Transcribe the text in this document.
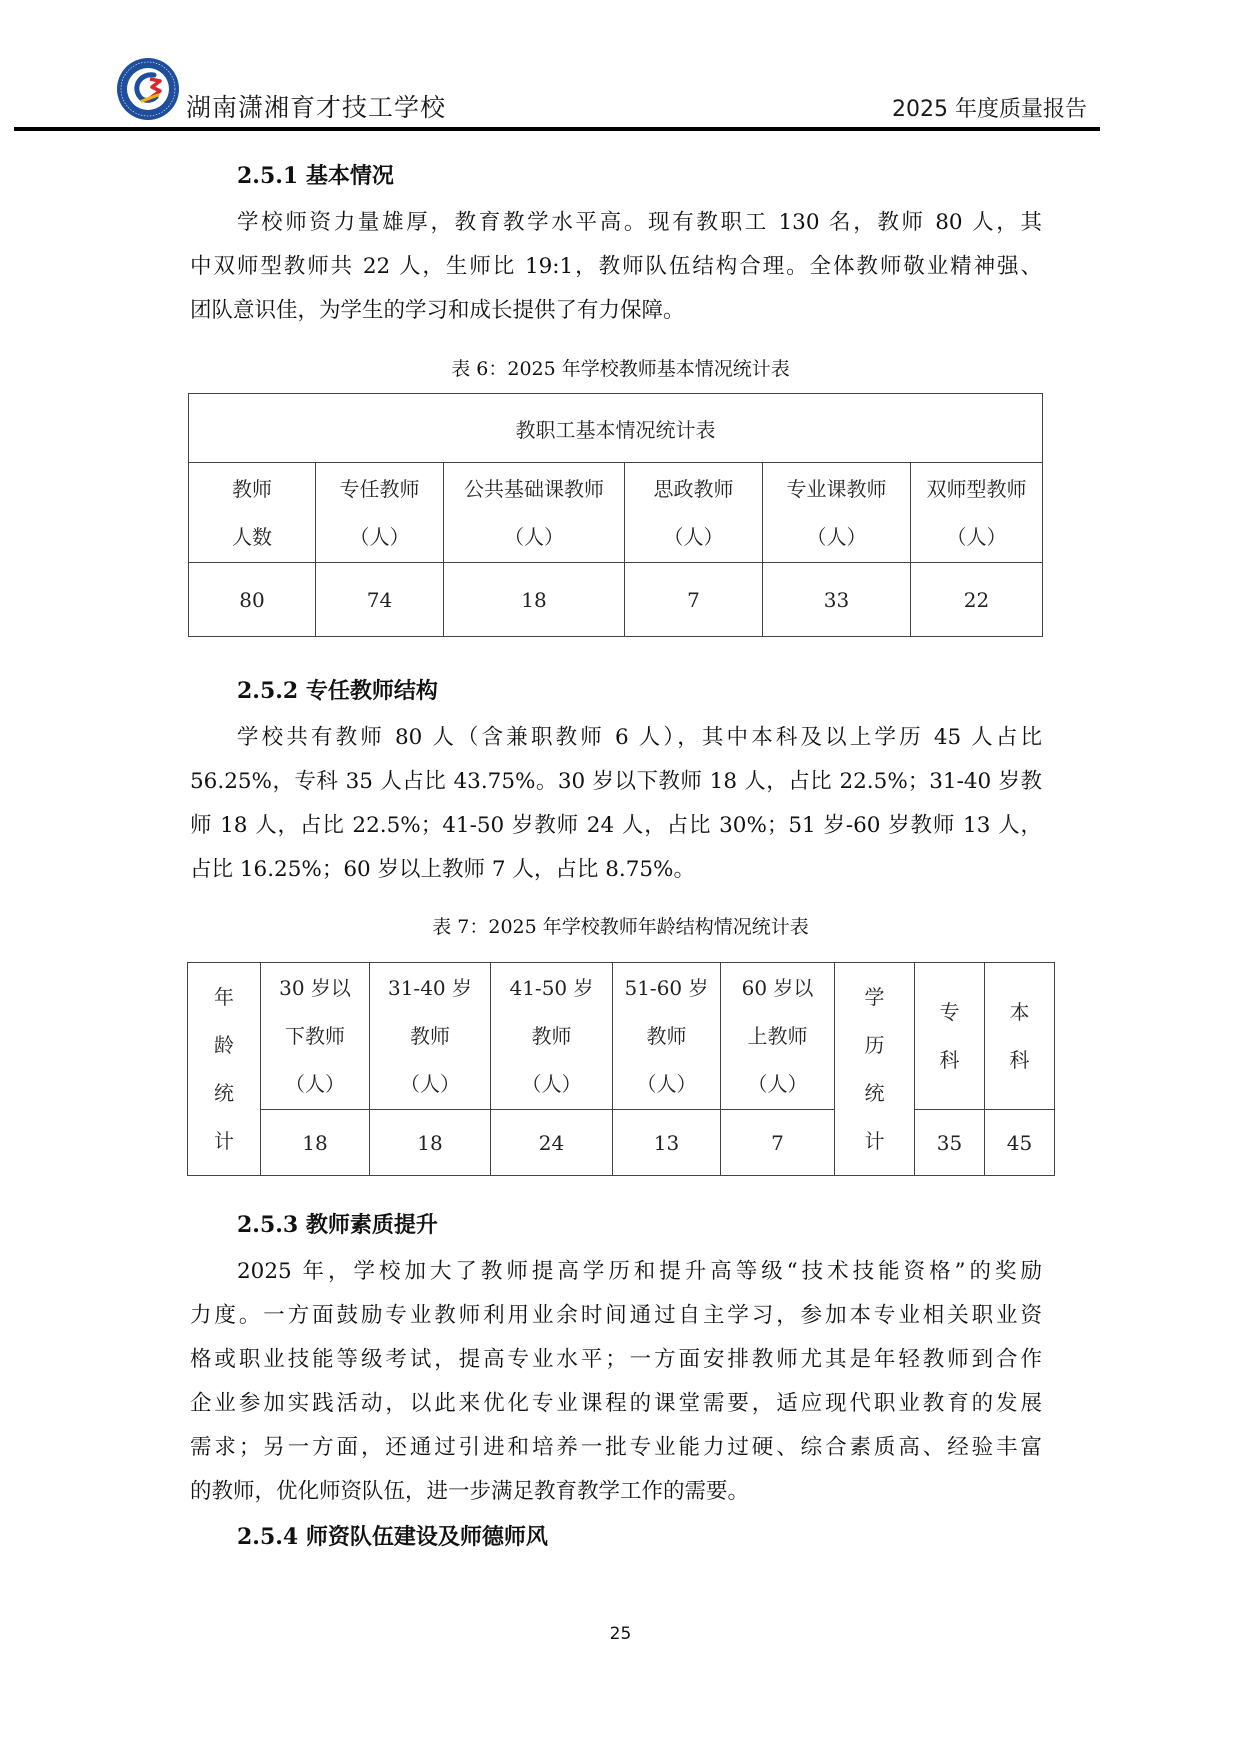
湖南潇湘育才技工学校	2025 年度质量报告
2.5.1 基本情况
学校师资力量雄厚，教育教学水平高。现有教职工 130 名，教师 80 人，其
中双师型教师共 22 人，生师比 19:1，教师队伍结构合理。全体教师敬业精神强、
团队意识佳，为学生的学习和成长提供了有力保障。
表 6：2025 年学校教师基本情况统计表
教职工基本情况统计表					

教师
人数	专任教师
（人）	公共基础课教师
（人）	思政教师
（人）	专业课教师
（人）	双师型教师
（人）

80	74	18	7	33	22
2.5.2 专任教师结构
学校共有教师 80 人（含兼职教师 6 人），其中本科及以上学历 45 人占比
56.25%，专科 35 人占比 43.75%。30 岁以下教师 18 人，占比 22.5%；31-40 岁教
师 18 人，占比 22.5%；41-50 岁教师 24 人，占比 30%；51 岁-60 岁教师 13 人，
占比 16.25%；60 岁以上教师 7 人，占比 8.75%。
表 7：2025 年学校教师年龄结构情况统计表
年
龄
统
计	30 岁以
下教师
（人）	31-40 岁
教师
（人）	41-50 岁
教师
（人）	51-60 岁
教师
（人）	60 岁以
上教师
（人）	学
历
统
计	专
科	本
科

	18	18	24	13	7		35	45
2.5.3 教师素质提升
2025 年，学校加大了教师提高学历和提升高等级“技术技能资格”的奖励
力度。一方面鼓励专业教师利用业余时间通过自主学习，参加本专业相关职业资
格或职业技能等级考试，提高专业水平；一方面安排教师尤其是年轻教师到合作
企业参加实践活动，以此来优化专业课程的课堂需要，适应现代职业教育的发展
需求；另一方面，还通过引进和培养一批专业能力过硬、综合素质高、经验丰富
的教师，优化师资队伍，进一步满足教育教学工作的需要。
2.5.4 师资队伍建设及师德师风
25
